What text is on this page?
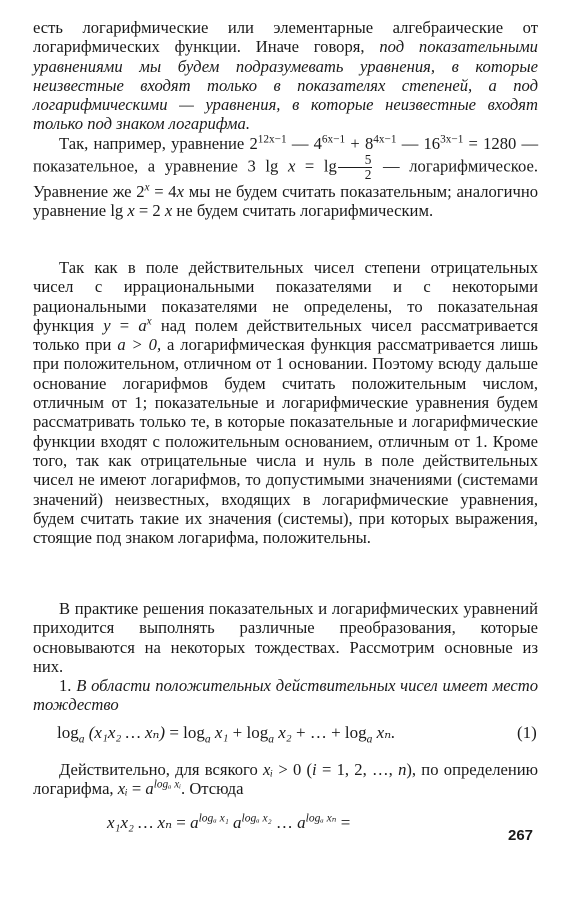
есть логарифмические или элементарные алгебраические от логарифмических функции. Иначе говоря, под показательными уравнениями мы будем подразумевать уравнения, в которые неизвестные входят только в показателях степеней, а под логарифмическими — уравнения, в которые неизвестные входят только под знаком логарифма.

Так, например, уравнение $2^{12x-1}$ — $4^{6x-1} + 8^{4x-1}$ — $16^{3x-1} = 1280$ — показательное, а уравнение 3 $\lg x = \lg \frac{5}{2}$ — логарифмическое. Уравнение же $2^x = 4x$ мы не будем считать показательным; аналогично уравнение lg x = 2 x не будем считать логарифмическим.

Так как в поле действительных чисел степени отрицательных чисел с иррациональными показателями и с некоторыми рациональными показателями не определены, то показательная функция $y = a^x$ над полем действительных чисел рассматривается только при a > 0, а логарифмическая функция рассматривается лишь при положительном, отличном от 1 основании. Поэтому всюду дальше основание логарифмов будем считать положительным числом, отличным от 1; показательные и логарифмические уравнения будем рассматривать только те, в которые показательные и логарифмические функции входят с положительным основанием, отличным от 1. Кроме того, так как отрицательные числа и нуль в поле действительных чисел не имеют логарифмов, то допустимыми значениями (системами значений) неизвестных, входящих в логарифмические уравнения, будем считать такие их значения (системы), при которых выражения, стоящие под знаком логарифма, положительны.

В практике решения показательных и логарифмических уравнений приходится выполнять различные преобразования, которые основываются на некоторых тождествах. Рассмотрим основные из них.

1. В области положительных действительных чисел имеет место тождество

$\log_a (x_1x_2$ … $x_n) = \log_a x_1 + \log_a x_2$ + … + $\log_a x_n$.	(1)

Действительно, для всякого xᵢ > 0 (i = 1, 2, …, n), по определению логарифма, xᵢ = $a^{log_a xᵢ}$. Отсюда

x₁x₂ … $x_n = a^{log_a x_1}$ $a^{log_a x_2}$ … $a^{log_a x_n}$ =
267
